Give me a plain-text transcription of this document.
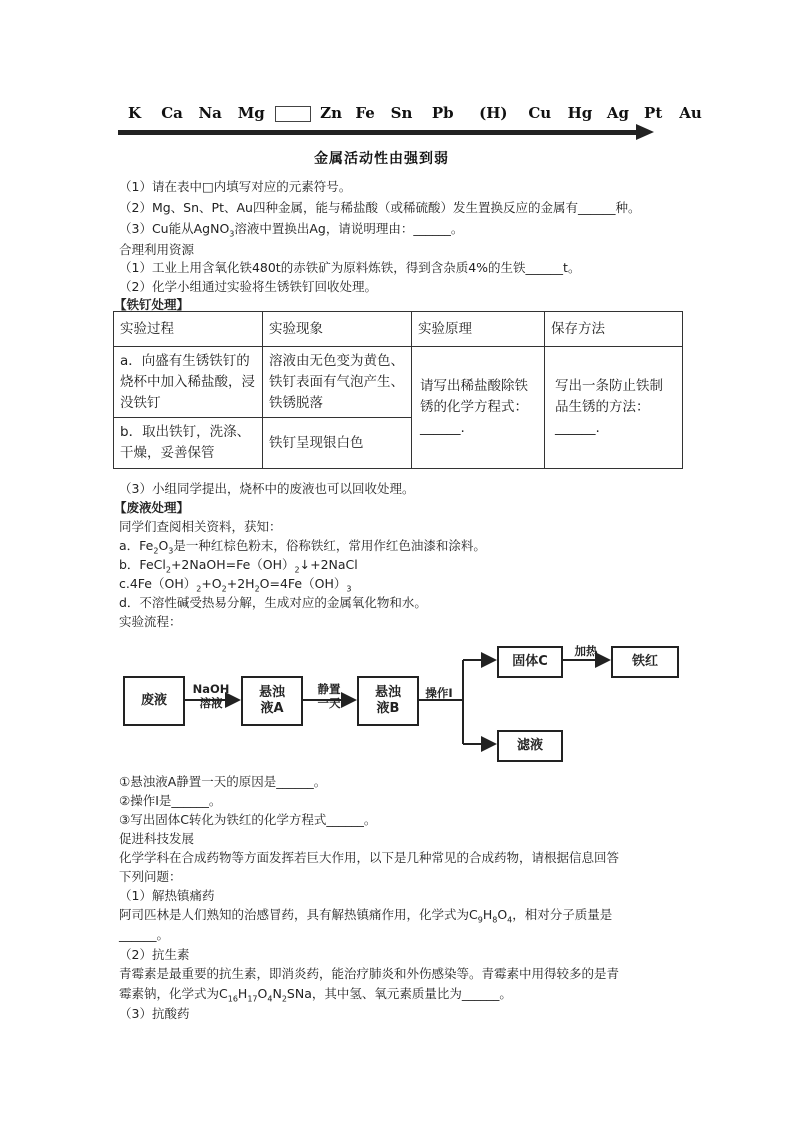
K Ca Na Mg	Zn Fe Sn Pb (H) Cu Hg Ag Pt Au
金属活动性由强到弱
（1）请在表中□内填写对应的元素符号。
（2）Mg、Sn、Pt、Au四种金属，能与稀盐酸（或稀硫酸）发生置换反应的金属有______种。
（3）Cu能从AgNO$_3$溶液中置换出Ag，请说明理由：______。
合理利用资源
（1）工业上用含氧化铁480t的赤铁矿为原料炼铁，得到含杂质4%的生铁______t。
（2）化学小组通过实验将生锈铁钉回收处理。
【铁钉处理】
实验过程	实验现象	实验原理	保存方法
a．向盛有生锈铁钉的烧杯中加入稀盐酸，浸没铁钉	溶液由无色变为黄色、铁钉表面有气泡产生、铁锈脱落	请写出稀盐酸除铁锈的化学方程式：______.	写出一条防止铁制品生锈的方法：______.
b．取出铁钉，洗涤、干燥，妥善保管	铁钉呈现银白色		
（3）小组同学提出，烧杯中的废液也可以回收处理。
【废液处理】
同学们查阅相关资料，获知：
a．$Fe_2O_3$是一种红棕色粉末，俗称铁红，常用作红色油漆和涂料。
b．$FeCl_2+2NaOH=Fe(OH)_2↓+2NaCl$
$c.4Fe(OH)_2+O_2+2H_2O=4Fe(OH)_3$
d．不溶性碱受热易分解，生成对应的金属氧化物和水。
实验流程：
废液
NaOH
溶液
悬浊
液A
静置
一天
悬浊
液B
操作Ⅰ
固体C
加热
铁红
滤液
①悬浊液A静置一天的原因是______。
②操作Ⅰ是______。
③写出固体C转化为铁红的化学方程式______。
促进科技发展
化学学科在合成药物等方面发挥若巨大作用，以下是几种常见的合成药物，请根据信息回答
下列问题：
（1）解热镇痛药
阿司匹林是人们熟知的治感冒药，具有解热镇痛作用，化学式为$C_9H_8O_4$，相对分子质量是
______。
（2）抗生素
青霉素是最重要的抗生素，即消炎药，能治疗肺炎和外伤感染等。青霉素中用得较多的是青
霉素钠，化学式为$C_{16}H_{17}O_4N_2SNa$，其中氢、氧元素质量比为______。
（3）抗酸药
